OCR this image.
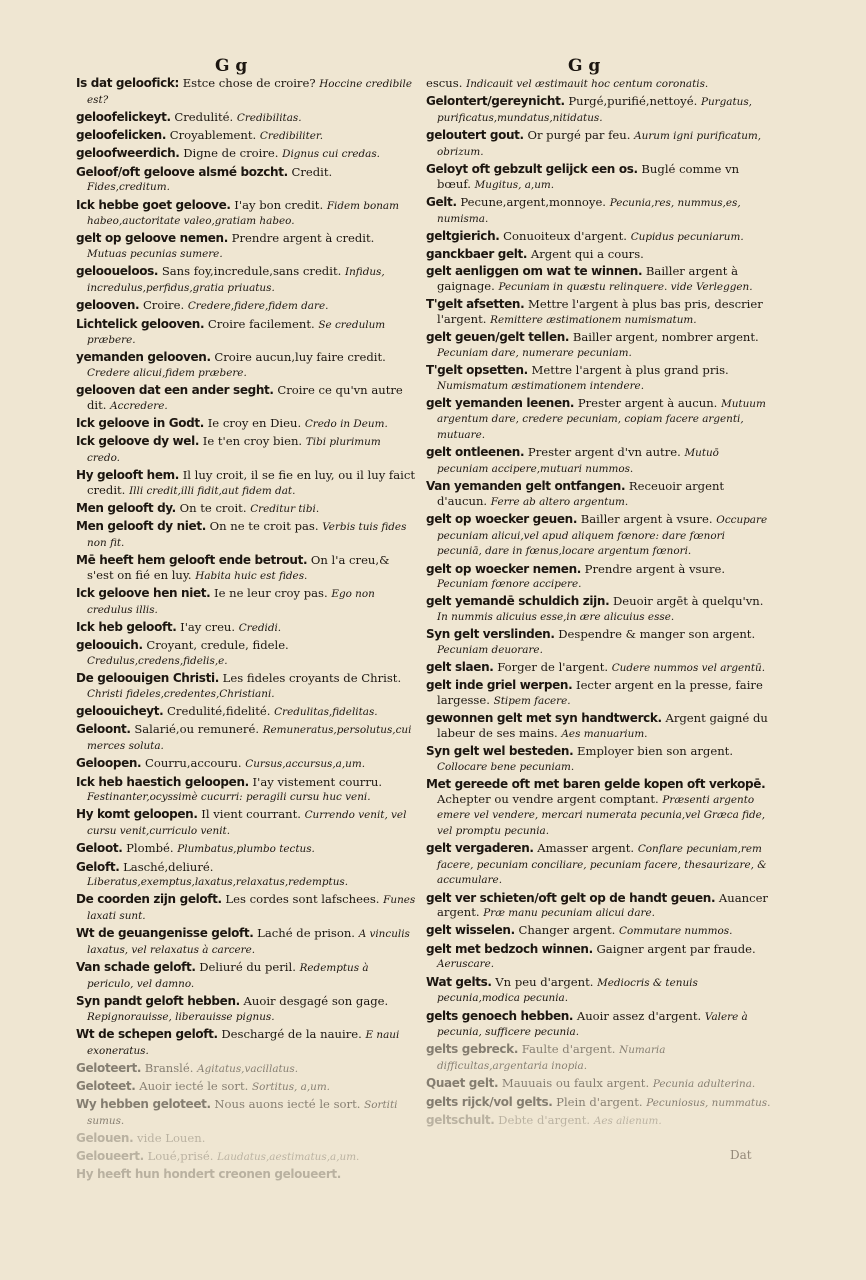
G g	G g

Is dat geloofick: Estce chose de croire? Hoccine credibile est?

geloofelickeyt. Credulité. Credibilitas.

geloofelicken. Croyablement. Credibiliter.

geloofweerdich. Digne de croire. Dignus cui credas.

Geloof/oft geloove alsmé bozcht. Credit. Fides,creditum.

Ick hebbe goet geloove. I'ay bon credit. Fidem bonam habeo,auctoritate valeo,gratiam habeo.

gelt op geloove nemen. Prendre argent à credit. Mutuas pecunias sumere.

gelooueloos. Sans foy,incredule,sans credit. Infidus, incredulus,perfidus,gratia priuatus.

gelooven. Croire. Credere,fidere,fidem dare.

Lichtelick gelooven. Croire facilement. Se credulum præbere.

yemanden gelooven. Croire aucun,luy faire credit. Credere alicui,fidem præbere.

gelooven dat een ander seght. Croire ce qu'vn autre dit. Accredere.

Ick geloove in Godt. Ie croy en Dieu. Credo in Deum.

Ick geloove dy wel. Ie t'en croy bien. Tibi plurimum credo.

Hy gelooft hem. Il luy croit, il se fie en luy, ou il luy faict credit. Illi credit,illi fidit,aut fidem dat.

Men gelooft dy. On te croit. Creditur tibi.

Men gelooft dy niet. On ne te croit pas. Verbis tuis fides non fit.

Mē heeft hem gelooft ende betrout. On l'a creu,& s'est on fié en luy. Habita huic est fides.

Ick geloove hen niet. Ie ne leur croy pas. Ego non credulus illis.

Ick heb gelooft. I'ay creu. Credidi.

geloouich. Croyant, credule, fidele. Credulus,credens,fidelis,e.

De geloouigen Christi. Les fideles croyants de Christ. Christi fideles,credentes,Christiani.

geloouicheyt. Credulité,fidelité. Credulitas,fidelitas.

Geloont. Salarié,ou remuneré. Remuneratus,persolutus,cui merces soluta.

Geloopen. Courru,accouru. Cursus,accursus,a,um.

Ick heb haestich geloopen. I'ay vistement courru. Festinanter,ocyssimè cucurri: peragili cursu huc veni.

Hy komt geloopen. Il vient courrant. Currendo venit, vel cursu venit,curriculo venit.

Geloot. Plombé. Plumbatus,plumbo tectus.

Geloft. Lasché,deliuré. Liberatus,exemptus,laxatus,relaxatus,redemptus.

De coorden zijn geloft. Les cordes sont lafschees. Funes laxati sunt.

Wt de geuangenisse geloft. Laché de prison. A vinculis laxatus, vel relaxatus à carcere.

Van schade geloft. Deliuré du peril. Redemptus à periculo, vel damno.

Syn pandt geloft hebben. Auoir desgagé son gage. Repignorauisse, liberauisse pignus.

Wt de schepen geloft. Deschargé de la nauire. E naui exoneratus.

Geloteert. Branslé. Agitatus,vacillatus.

Geloteet. Auoir iecté le sort. Sortitus, a,um.

Wy hebben geloteet. Nous auons iecté le sort. Sortiti sumus.

Gelouen. vide Louen.

Geloueert. Loué,prisé. Laudatus,aestimatus,a,um.

Hy heeft hun hondert creonen geloueert.

escus. Indicauit vel æstimauit hoc centum coronatis.

Gelontert/gereynicht. Purgé,purifié,nettoyé. Purgatus, purificatus,mundatus,nitidatus.

geloutert gout. Or purgé par feu. Aurum igni purificatum, obrizum.

Geloyt oft gebzult gelijck een os. Buglé comme vn bœuf. Mugitus, a,um.

Gelt. Pecune,argent,monnoye. Pecunia,res, nummus,es, numisma.

geltgierich. Conuoiteux d'argent. Cupidus pecuniarum.

ganckbaer gelt. Argent qui a cours.

gelt aenliggen om wat te winnen. Bailler argent à gaignage. Pecuniam in quæstu relinquere. vide Verleggen.

T'gelt afsetten. Mettre l'argent à plus bas pris, descrier l'argent. Remittere æstimationem numismatum.

gelt geuen/gelt tellen. Bailler argent, nombrer argent. Pecuniam dare, numerare pecuniam.

T'gelt opsetten. Mettre l'argent à plus grand pris. Numismatum æstimationem intendere.

gelt yemanden leenen. Prester argent à aucun. Mutuum argentum dare, credere pecuniam, copiam facere argenti, mutuare.

gelt ontleenen. Prester argent d'vn autre. Mutuō pecuniam accipere,mutuari nummos.

Van yemanden gelt ontfangen. Receuoir argent d'aucun. Ferre ab altero argentum.

gelt op woecker geuen. Bailler argent à vsure. Occupare pecuniam alicui,vel apud aliquem fœnore: dare fœnori pecuniā, dare in fœnus,locare argentum fœnori.

gelt op woecker nemen. Prendre argent à vsure. Pecuniam fœnore accipere.

gelt yemandē schuldich zijn. Deuoir argēt à quelqu'vn. In nummis alicuius esse,in ære alicuius esse.

Syn gelt verslinden. Despendre & manger son argent. Pecuniam deuorare.

gelt slaen. Forger de l'argent. Cudere nummos vel argentū.

gelt inde griel werpen. Iecter argent en la presse, faire largesse. Stipem facere.

gewonnen gelt met syn handtwerck. Argent gaigné du labeur de ses mains. Aes manuarium.

Syn gelt wel besteden. Employer bien son argent. Collocare bene pecuniam.

Met gereede oft met baren gelde kopen oft verkopē. Achepter ou vendre argent comptant. Præsenti argento emere vel vendere, mercari numerata pecunia,vel Græca fide, vel promptu pecunia.

gelt vergaderen. Amasser argent. Conflare pecuniam,rem facere, pecuniam conciliare, pecuniam facere, thesaurizare, & accumulare.

gelt ver schieten/oft gelt op de handt geuen. Auancer argent. Præ manu pecuniam alicui dare.

gelt wisselen. Changer argent. Commutare nummos.

gelt met bedzoch winnen. Gaigner argent par fraude. Aeruscare.

Wat gelts. Vn peu d'argent. Mediocris & tenuis pecunia,modica pecunia.

gelts genoech hebben. Auoir assez d'argent. Valere à pecunia, sufficere pecunia.

gelts gebreck. Faulte d'argent. Numaria difficultas,argentaria inopia.

Quaet gelt. Mauuais ou faulx argent. Pecunia adulterina.

gelts rijck/vol gelts. Plein d'argent. Pecuniosus, nummatus.

geltschult. Debte d'argent. Aes alienum.

Dat
